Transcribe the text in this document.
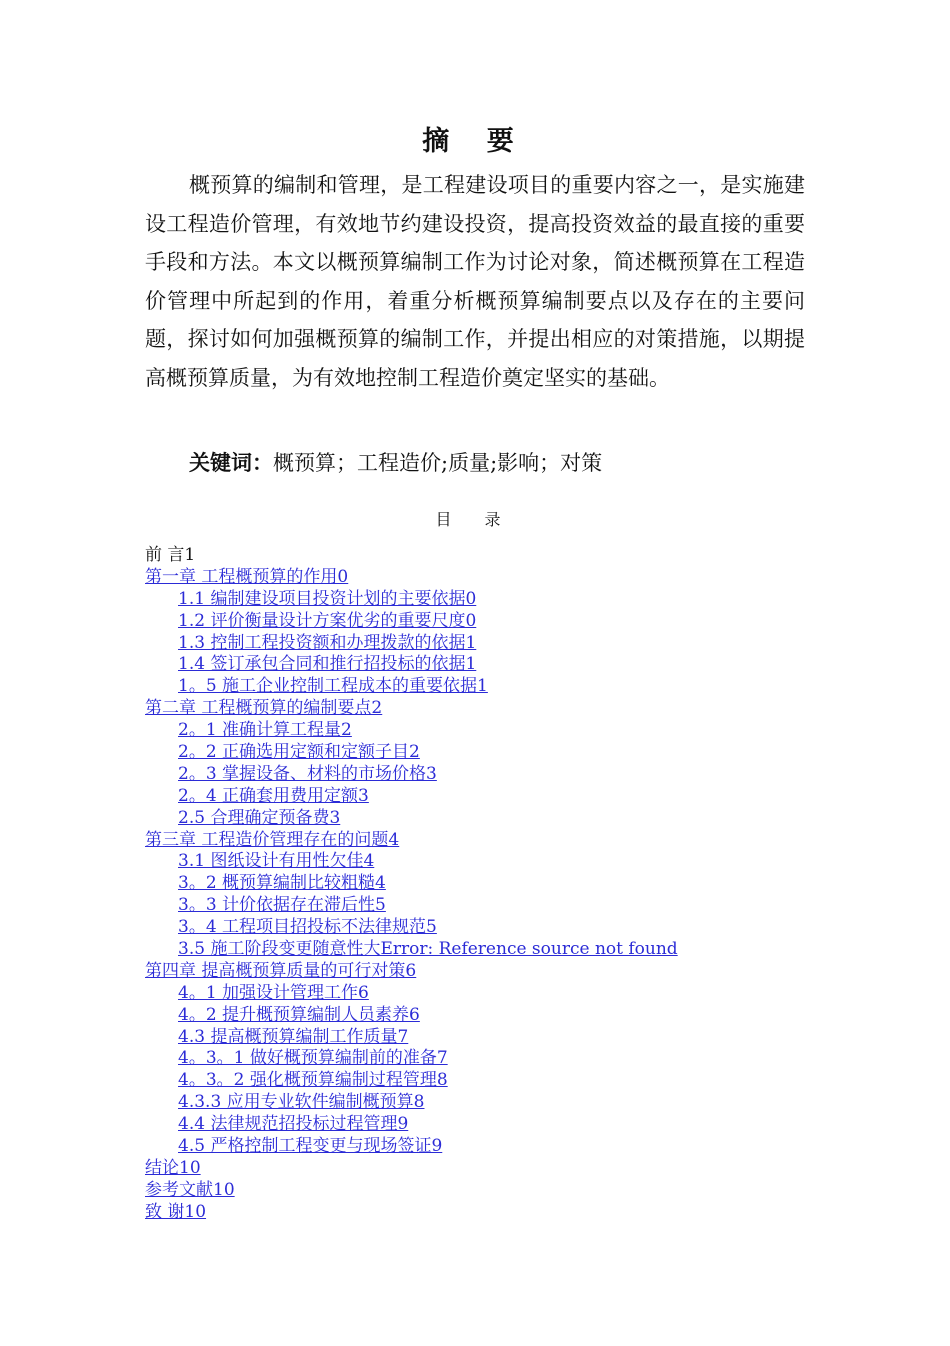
摘 要

概预算的编制和管理，是工程建设项目的重要内容之一，是实施建设工程造价管理，有效地节约建设投资，提高投资效益的最直接的重要手段和方法。本文以概预算编制工作为讨论对象，简述概预算在工程造价管理中所起到的作用，着重分析概预算编制要点以及存在的主要问题，探讨如何加强概预算的编制工作，并提出相应的对策措施，以期提高概预算质量，为有效地控制工程造价奠定坚实的基础。

关键词：概预算；工程造价;质量;影响；对策

目 录
前 言1
第一章 工程概预算的作用0
1.1 编制建设项目投资计划的主要依据0
1.2 评价衡量设计方案优劣的重要尺度0
1.3 控制工程投资额和办理拨款的依据1
1.4 签订承包合同和推行招投标的依据1
1。5 施工企业控制工程成本的重要依据1
第二章 工程概预算的编制要点2
2。1 准确计算工程量2
2。2 正确选用定额和定额子目2
2。3 掌握设备、材料的市场价格3
2。4 正确套用费用定额3
2.5 合理确定预备费3
第三章 工程造价管理存在的问题4
3.1 图纸设计有用性欠佳4
3。2 概预算编制比较粗糙4
3。3 计价依据存在滞后性5
3。4 工程项目招投标不法律规范5
3.5 施工阶段变更随意性大Error: Reference source not found
第四章 提高概预算质量的可行对策6
4。1 加强设计管理工作6
4。2 提升概预算编制人员素养6
4.3 提高概预算编制工作质量7
4。3。1 做好概预算编制前的准备7
4。3。2 强化概预算编制过程管理8
4.3.3 应用专业软件编制概预算8
4.4 法律规范招投标过程管理9
4.5 严格控制工程变更与现场签证9
结论10
参考文献10
致 谢10
